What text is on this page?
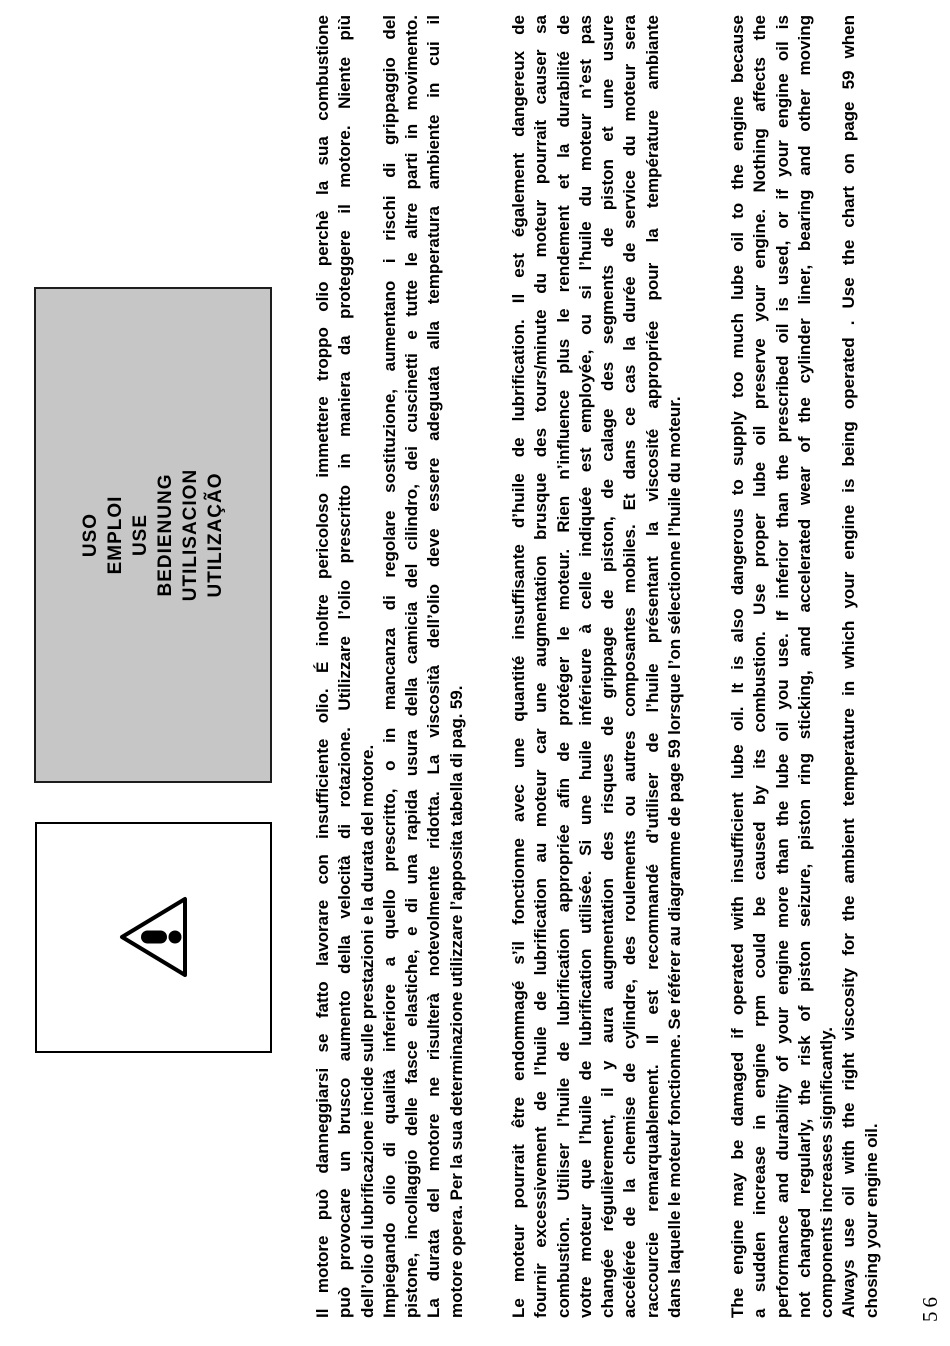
56
USO EMPLOI USE BEDIENUNG UTILISACION UTILIZAÇÃO	Il motore può danneggiarsi se fatto lavorare con insufficiente olio. É inoltre pericoloso immettere troppo olio perchè la sua combustione può provocare un brusco aumento della velocità di rotazione. Utilizzare l’olio prescritto in maniera da proteggere il motore. Niente più dell’olio di lubrificazione incide sulle prestazioni e la durata del motore. Impiegando olio di qualità inferiore a quello prescritto, o in mancanza di regolare sostituzione, aumentano i rischi di grippaggio del pistone, incollaggio delle fasce elastiche, e di una rapida usura della camicia del cilindro, dei cuscinetti e tutte le altre parti in movimento. La durata del motore ne risulterà notevolmente ridotta. La viscosità dell’olio deve essere adeguata alla temperatura ambiente in cui il motore opera. Per la sua determinazione utilizzare l’apposita tabella di pag. 59.	Le moteur pourrait être endommagé s’il fonctionne avec une quantité insuffisante d’huile de lubrification. Il est également dangereux de fournir excessivement de l’huile de lubrification au moteur car une augmentation brusque des tours/minute du moteur pourrait causer sa combustion. Utiliser l’huile de lubrification appropriée afin de protéger le moteur. Rien n’influence plus le rendement et la durabilité de votre moteur que l’huile de lubrification utilisée. Si une huile inférieure à celle indiquée est employée, ou si l’huile du moteur n’est pas changée régulièrement, il y aura augmentation des risques de grippage de piston, de calage des segments de piston et une usure accélérée de la chemise de cylindre, des roulements ou autres composantes mobiles. Et dans ce cas la durée de service du moteur sera raccourcie remarquablement. Il est recommandé d’utiliser de l’huile présentant la viscosité appropriée pour la température ambiante dans laquelle le moteur fonctionne. Se référer au diagramme de page 59 lorsque l’on sélectionne l’huile du moteur.	The engine may be damaged if operated with insufficient lube oil. It is also dangerous to supply too much lube oil to the engine because a sudden increase in engine rpm could be caused by its combustion. Use proper lube oil preserve your engine. Nothing affects the performance and durability of your engine more than the lube oil you use. If inferior than the prescribed oil is used, or if your engine oil is not changed regularly, the risk of piston seizure, piston ring sticking, and accelerated wear of the cylinder liner, bearing and other moving components increases significantly. Always use oil with the right viscosity for the ambient temperature in which your engine is being operated . Use the chart on page 59 when chosing your engine oil.
